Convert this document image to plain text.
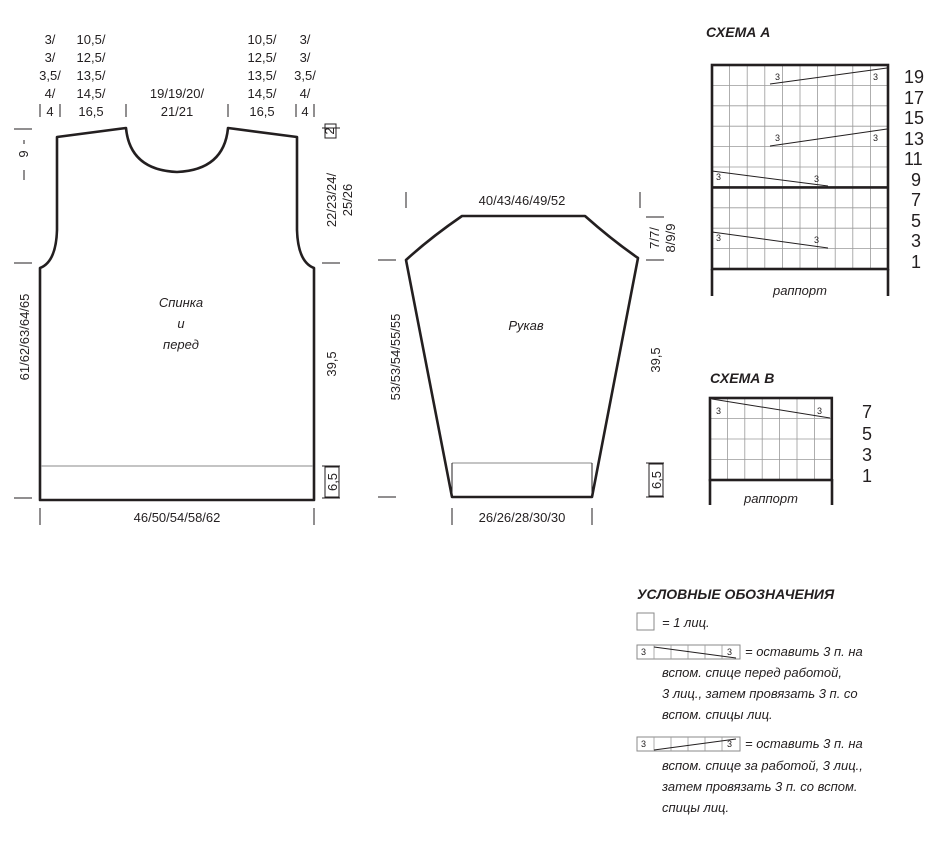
Спинка
и
перед
3/
3/
3,5/
4/
4
10,5/
12,5/
13,5/
14,5/
16,5
19/19/20/
21/21
10,5/
12,5/
13,5/
14,5/
16,5
3/
3/
3,5/
4/
4
9
61/62/63/64/65
2
22/23/24/ 25/26
39,5
6,5
46/50/54/58/62
Рукав
40/43/46/49/52
53/53/54/55/55
7/7/ 8/9/9
39,5
6,5
26/26/28/30/30
СХЕМА А
3	3
3	3
3	3
3	3
19
17
15
13
11
9
7
5
3
1
раппорт
СХЕМА В
3	3 7
5
3
1
раппорт
УСЛОВНЫЕ ОБОЗНАЧЕНИЯ
= 1 лиц.
3	3 = оставить 3 п. на
вспом. спице перед работой,
3 лиц., затем провязать 3 п. со
вспом. спицы лиц.
3	3 = оставить 3 п. на
вспом. спице за работой, 3 лиц.,
затем провязать 3 п. со вспом.
спицы лиц.
